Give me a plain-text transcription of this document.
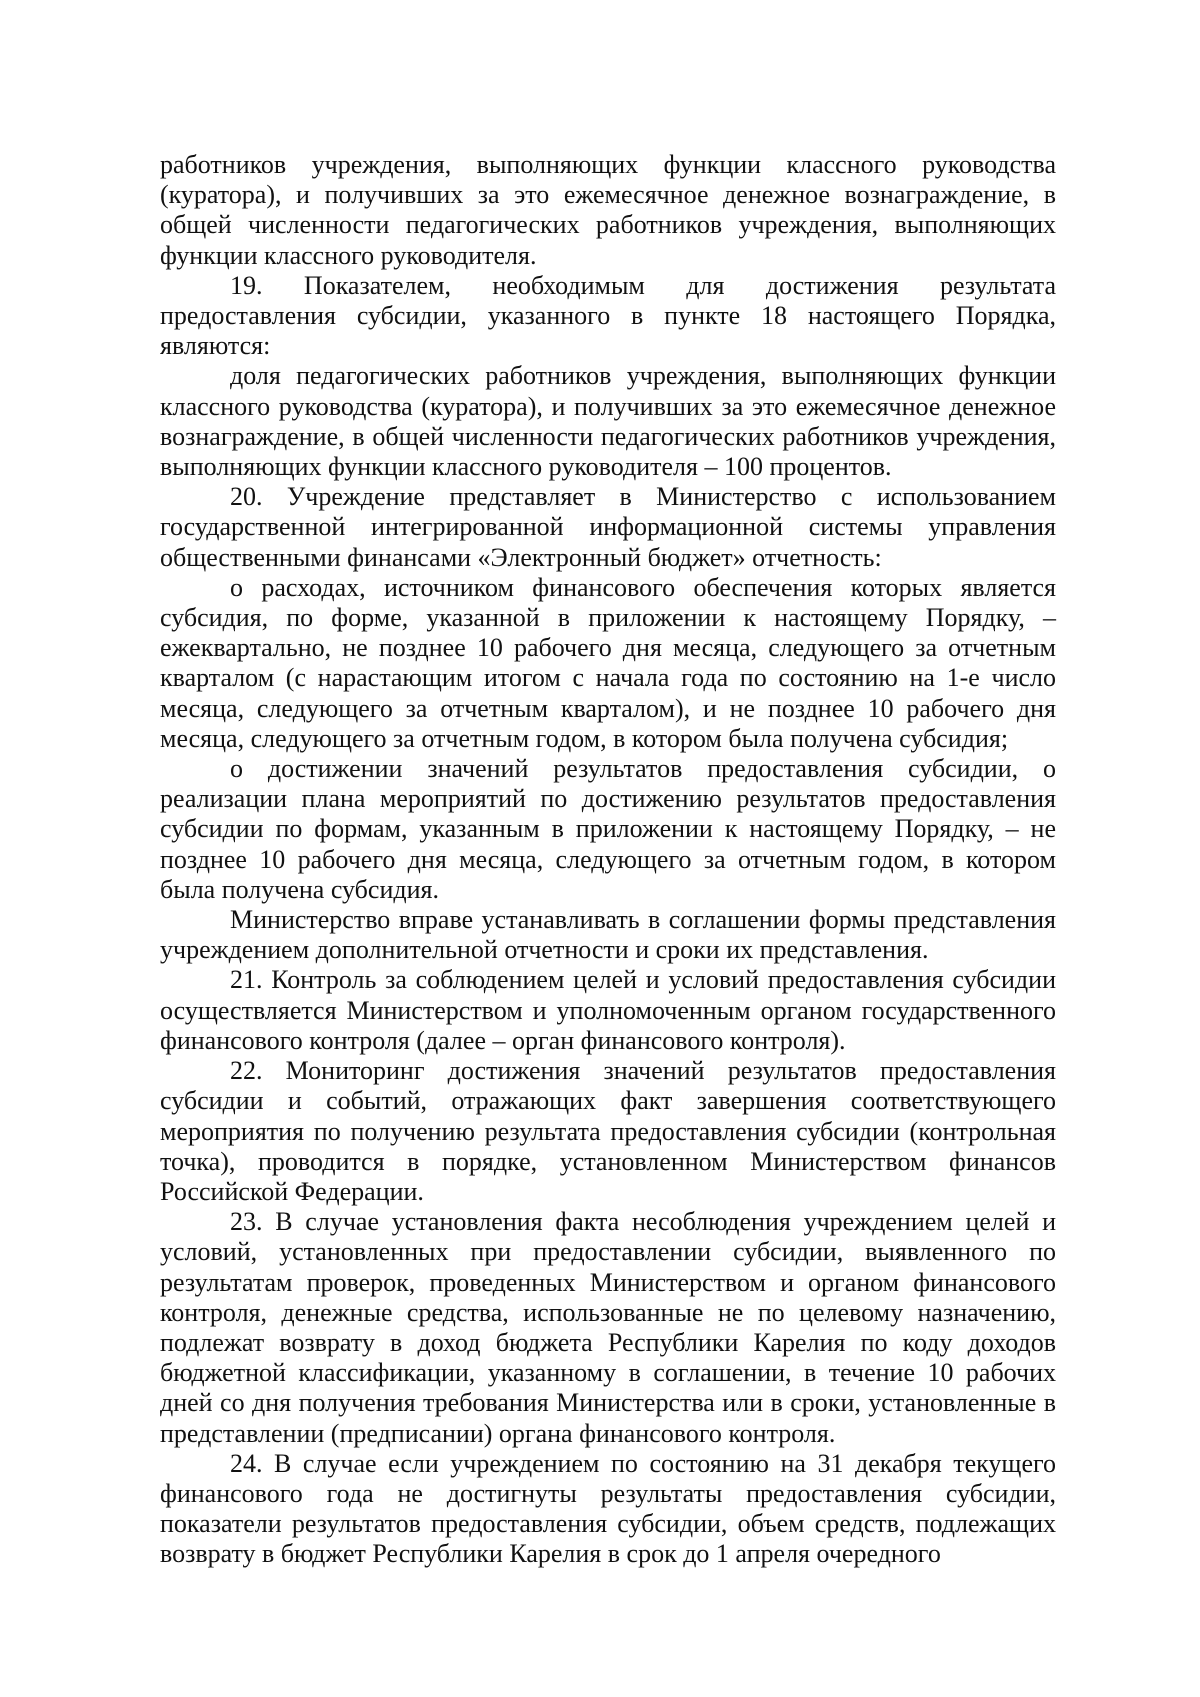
работников учреждения, выполняющих функции классного руководства (куратора), и получивших за это ежемесячное денежное вознаграждение, в общей численности педагогических работников учреждения, выполняющих функции классного руководителя.

19. Показателем, необходимым для достижения результата предоставления субсидии, указанного в пункте 18 настоящего Порядка, являются:

доля педагогических работников учреждения, выполняющих функции классного руководства (куратора), и получивших за это ежемесячное денежное вознаграждение, в общей численности педагогических работников учреждения, выполняющих функции классного руководителя – 100 процентов.

20. Учреждение представляет в Министерство с использованием государственной интегрированной информационной системы управления общественными финансами «Электронный бюджет» отчетность:

о расходах, источником финансового обеспечения которых является субсидия, по форме, указанной в приложении к настоящему Порядку, – ежеквартально, не позднее 10 рабочего дня месяца, следующего за отчетным кварталом (с нарастающим итогом с начала года по состоянию на 1-е число месяца, следующего за отчетным кварталом), и не позднее 10 рабочего дня месяца, следующего за отчетным годом, в котором была получена субсидия;

о достижении значений результатов предоставления субсидии, о реализации плана мероприятий по достижению результатов предоставления субсидии по формам, указанным в приложении к настоящему Порядку, – не позднее 10 рабочего дня месяца, следующего за отчетным годом, в котором была получена субсидия.

Министерство вправе устанавливать в соглашении формы представления учреждением дополнительной отчетности и сроки их представления.

21. Контроль за соблюдением целей и условий предоставления субсидии осуществляется Министерством и уполномоченным органом государственного финансового контроля (далее – орган финансового контроля).

22. Мониторинг достижения значений результатов предоставления субсидии и событий, отражающих факт завершения соответствующего мероприятия по получению результата предоставления субсидии (контрольная точка), проводится в порядке, установленном Министерством финансов Российской Федерации.

23. В случае установления факта несоблюдения учреждением целей и условий, установленных при предоставлении субсидии, выявленного по результатам проверок, проведенных Министерством и органом финансового контроля, денежные средства, использованные не по целевому назначению, подлежат возврату в доход бюджета Республики Карелия по коду доходов бюджетной классификации, указанному в соглашении, в течение 10 рабочих дней со дня получения требования Министерства или в сроки, установленные в представлении (предписании) органа финансового контроля.

24. В случае если учреждением по состоянию на 31 декабря текущего финансового года не достигнуты результаты предоставления субсидии, показатели результатов предоставления субсидии, объем средств, подлежащих возврату в бюджет Республики Карелия в срок до 1 апреля очередного
